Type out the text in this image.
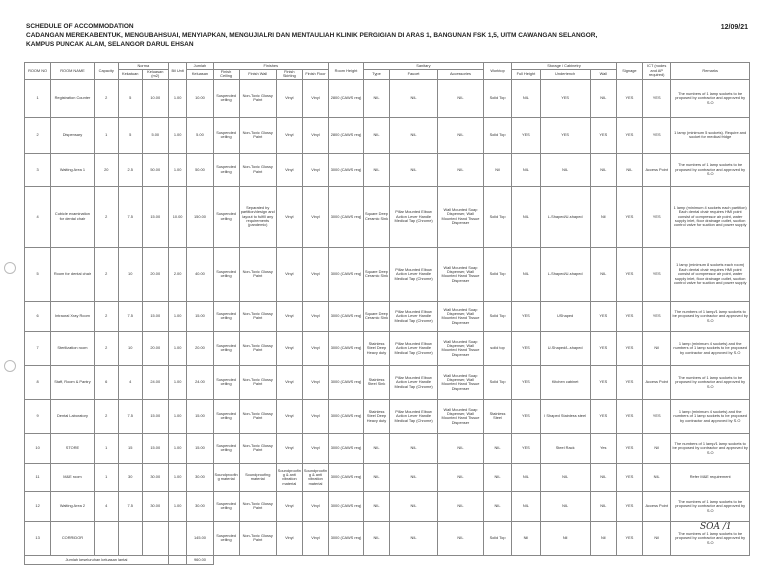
SCHEDULE OF ACCOMMODATION
CADANGAN MEREKABENTUK, MENGUBAHSUAI, MENYIAPKAN, MENGUJIALRI DAN MENTAULIAH KLINIK PERGIGIAN DI ARAS 1, BANGUNAN FSK 1,5, UITM CAWANGAN SELANGOR,
KAMPUS PUNCAK ALAM, SELANGOR DARUL EHSAN
12/09/21
ROOM NO	ROOM NAME	Capacity	Norma		Bil Unit	Jumlah	Finishes				Room Height	Sanitary			Worktop	Storage / Cabinetry			Signage	ICT (nodes and AP required)	Remarks
			Kekatuan	Keluasan (m2)		Keluasan	Finish Ceiling	Finish Wall	Finish Skirting	Finish Floor		Type	Faucet	Accessories		Full Height	Undertench	Wall			

1	Registration Counter	2	5	10.00	1.00	10.00	Suspended ceiling	Non-Toxic Glossy Paint	Vinyl	Vinyl	2800 (CAWS req)	NIL	NIL	NIL	Solid Top	NIL	YES	NIL	YES	YES	The numbers of 1 lamp sockets to be proposed by contractor and approved by S.O
2	Dispensary	1	5	5.00	1.00	5.00	Suspended ceiling	Non-Toxic Glossy Paint	Vinyl	Vinyl	2800 (CAWS req)	NIL	NIL	NIL	Solid Top	YES	YES	YES	YES	YES	1 lamp (minimum 5 sockets). Require and socket for medical fridge
3	Waiting Area 1	20	2.5	50.00	1.00	50.00	Suspended ceiling	Non-Toxic Glossy Paint	Vinyl	Vinyl	3000 (CAWS req)	NIL	NIL	NIL	Nil	NIL	NIL	NIL	NIL	Access Point	The numbers of 1 lamp sockets to be proposed by contractor and approved by S.O
4	Cubicle examination for dental chair	2	7.5	15.00	10.00	150.00	Suspended ceiling	Separated by partition/design and layout to fulfill any requirements (pandemic)	Vinyl	Vinyl	3000 (CAWS req)	Square Deep Ceramic Sink	Pillar Mounted Elbow Action Lever Handle Medical Tap (Chrome)	Wall Mounted Soap Dispenser, Wall Mounted Hand Tissue Dispenser	Solid Top	NIL	L-Shaped/U-shaped	Nil	YES	YES	1 lamp (minimum 4 sockets each partition) Each dental chair requires HMI point consist of compressor air point, water supply inlet, floor drainage outlet, suction control valve for suction and power supply
5	Room for dental chair	2	10	20.00	2.00	40.00	Suspended ceiling	Non-Toxic Glossy Paint	Vinyl	Vinyl	3000 (CAWS req)	Square Deep Ceramic Sink	Pillar Mounted Elbow Action Lever Handle Medical Tap (Chrome)	Wall Mounted Soap Dispenser, Wall Mounted Hand Tissue Dispenser	Solid Top	NIL	L-Shaped/U-shaped	NIL	YES	YES	1 lamp (minimum 8 sockets each room) Each dental chair requires HMI point consist of compressor air point, water supply inlet, floor drainage outlet, suction control valve for suction and power supply
6	Intraoral Xray Room	2	7.5	15.00	1.00	15.00	Suspended ceiling	Non-Toxic Glossy Paint	Vinyl	Vinyl	3000 (CAWS req)	Square Deep Ceramic Sink	Pillar Mounted Elbow Action Lever Handle Medical Tap (Chrome)	Wall Mounted Soap Dispenser, Wall Mounted Hand Tissue Dispenser	Solid Top	YES	UShaped	YES	YES	YES	The numbers of 1 lamp/1 lamp sockets to be proposed by contractor and approved by S.O
7	Sterilization room	2	10	20.00	1.00	20.00	Suspended ceiling	Non-Toxic Glossy Paint	Vinyl	Vinyl	3000 (CAWS req)	Stainless Steel Deep Heavy duty	Pillar Mounted Elbow Action Lever Handle Medical Tap (Chrome)	Wall Mounted Soap Dispenser, Wall Mounted Hand Tissue Dispenser	solid top	YES	U-Shaped/L-shaped	YES	YES	Nil	1 lamp (minimum 4 sockets) and the numbers of 1 lamp sockets to be proposed by contractor and approved by S.O
8	Staff, Room & Pantry	6	4	24.00	1.00	24.00	Suspended ceiling	Non-Toxic Glossy Paint	Vinyl	Vinyl	3000 (CAWS req)	Stainless Steel Sink	Pillar Mounted Elbow Action Lever Handle Medical Tap (Chrome)	Wall Mounted Soap Dispenser, Wall Mounted Hand Tissue Dispenser	Solid Top	YES	Kitchen cabinet	YES	YES	Access Point	The numbers of 1 lamp sockets to be proposed by contractor and approved by S.O
9	Dental Laboratory	2	7.5	15.00	1.00	15.00	Suspended ceiling	Non-Toxic Glossy Paint	Vinyl	Vinyl	3000 (CAWS req)	Stainless Steel Deep Heavy duty	Pillar Mounted Elbow Action Lever Handle Medical Tap (Chrome)	Wall Mounted Soap Dispenser, Wall Mounted Hand Tissue Dispenser	Stainless Steel	YES	I Shaped Stainless steel	YES	YES	YES	1 lamp (minimum 4 sockets) and the numbers of 1 lamp sockets to be proposed by contractor and approved by S.O
10	STORE	1	15	15.00	1.00	15.00	Suspended ceiling	Non-Toxic Glossy Paint	Vinyl	Vinyl	3000 (CAWS req)	NIL	NIL	NIL	NIL	YES	Steel Rack	Yes	YES	Nil	The numbers of 1 lamp/1 lamp sockets to be proposed by contractor and approved by S.O
11	M&E room	1	30	30.00	1.00	30.00	Soundproofing material	Soundproofing material	Soundproofing & anti vibration material	Soundproofing & anti vibration material	3000 (CAWS req)	NIL	NIL	NIL	NIL	NIL	NIL	NIL	YES	NIL	Refer M&E requirement
12	Waiting Area 2	4	7.5	30.00	1.00	30.00	Suspended ceiling	Non-Toxic Glossy Paint	Vinyl	Vinyl	3000 (CAWS req)	NIL	NIL	NIL	NIL	NIL	NIL	NIL	YES	Access Point	The numbers of 1 lamp sockets to be proposed by contractor and approved by S.O
13	CORRIDOR					145.00	Suspended ceiling	Non-Toxic Glossy Paint	Vinyl	Vinyl	3000 (CAWS req)	NIL	NIL	NIL	Solid Top	Nil	Nil	Nil	YES	Nil	The numbers of 1 lamp sockets to be proposed by contractor and approved by S.O
Jumlah keseluruhan keluasan lantai						960.00															
SOA /1
